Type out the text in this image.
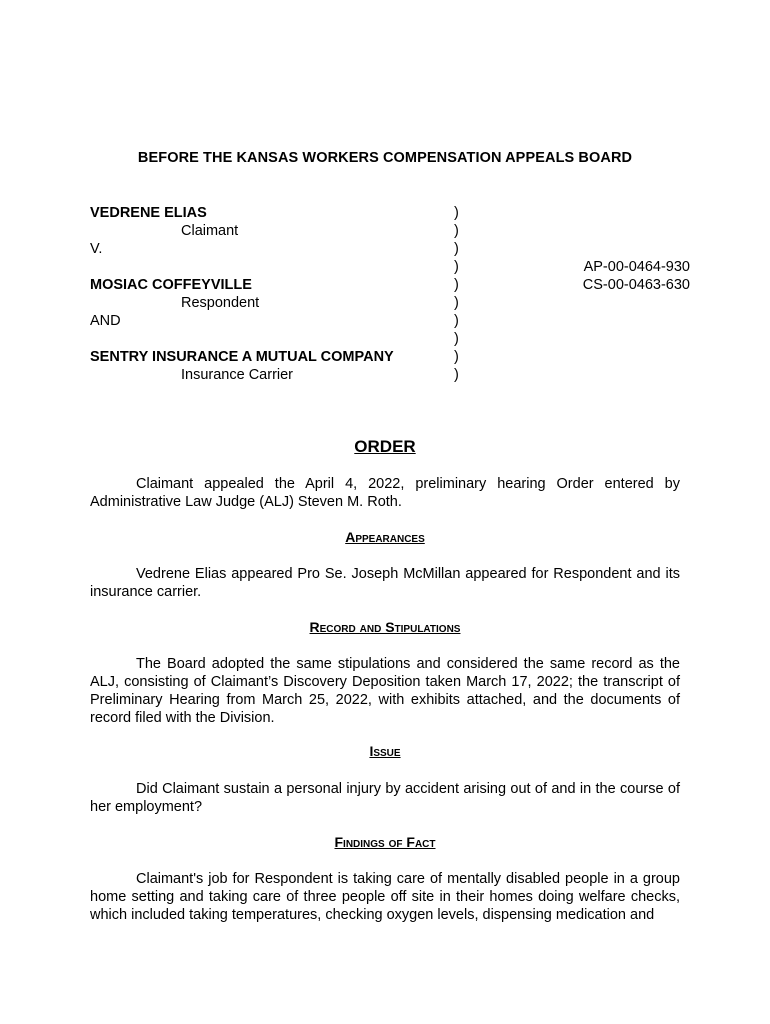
BEFORE THE KANSAS WORKERS COMPENSATION APPEALS BOARD
VEDRENE ELIAS
Claimant
V.
MOSIAC COFFEYVILLE
Respondent
AND
SENTRY INSURANCE A MUTUAL COMPANY
Insurance Carrier
)
)
)
)
)
)
)
)
)
)
AP-00-0464-930
CS-00-0463-630
ORDER
Claimant appealed the April 4, 2022, preliminary hearing Order entered by Administrative Law Judge (ALJ) Steven M. Roth.
Appearances
Vedrene Elias appeared Pro Se. Joseph McMillan appeared for Respondent and its insurance carrier.
Record and Stipulations
The Board adopted the same stipulations and considered the same record as the ALJ, consisting of Claimant’s Discovery Deposition taken March 17, 2022; the transcript of Preliminary Hearing from March 25, 2022, with exhibits attached, and the documents of record filed with the Division.
Issue
Did Claimant sustain a personal injury by accident arising out of and in the course of her employment?
Findings of Fact
Claimant's job for Respondent is taking care of mentally disabled people in a group home setting and taking care of three people off site in their homes doing welfare checks, which included taking temperatures, checking oxygen levels, dispensing medication and
